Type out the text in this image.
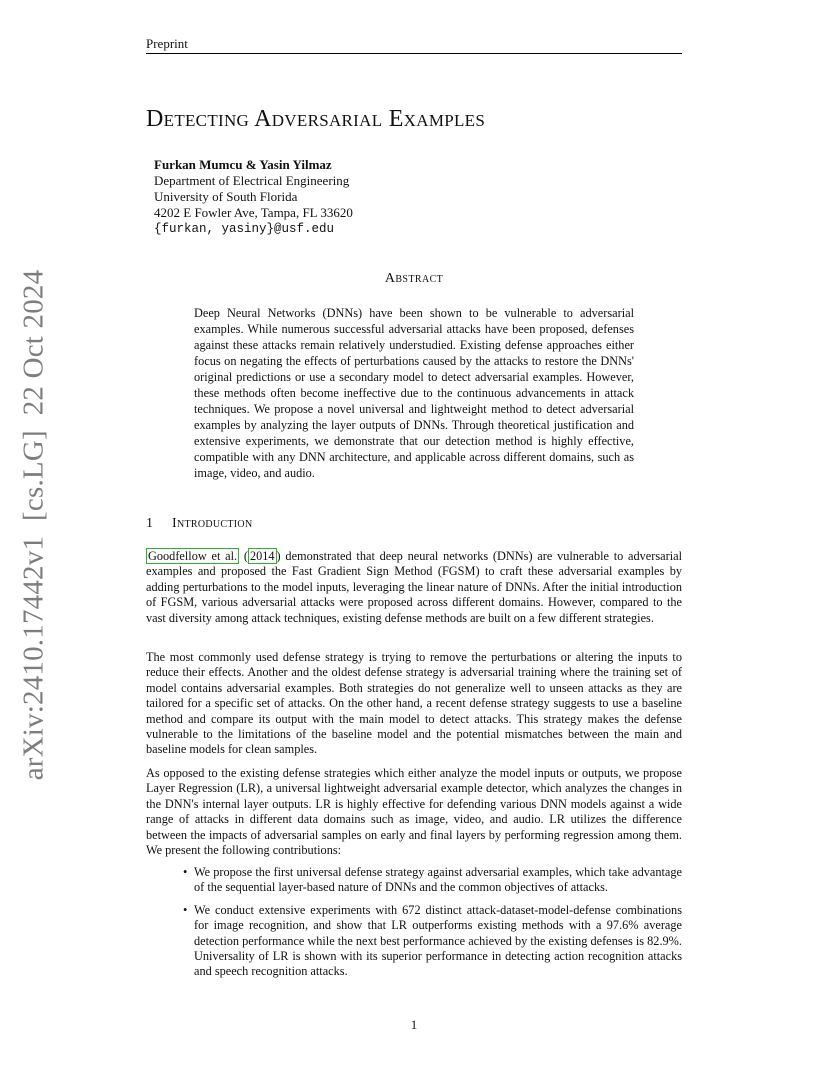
Preprint
arXiv:2410.17442v1  [cs.LG]  22 Oct 2024
Detecting Adversarial Examples
Furkan Mumcu & Yasin Yilmaz
Department of Electrical Engineering
University of South Florida
4202 E Fowler Ave, Tampa, FL 33620
{furkan, yasiny}@usf.edu
Abstract
Deep Neural Networks (DNNs) have been shown to be vulnerable to adversarial examples. While numerous successful adversarial attacks have been proposed, defenses against these attacks remain relatively understudied. Existing defense approaches either focus on negating the effects of perturbations caused by the attacks to restore the DNNs' original predictions or use a secondary model to detect adversarial examples. However, these methods often become ineffective due to the continuous advancements in attack techniques. We propose a novel universal and lightweight method to detect adversarial examples by analyzing the layer outputs of DNNs. Through theoretical justification and extensive experiments, we demonstrate that our detection method is highly effective, compatible with any DNN architecture, and applicable across different domains, such as image, video, and audio.
1 Introduction
Goodfellow et al. ( 2014 ) demonstrated that deep neural networks (DNNs) are vulnerable to adversarial examples and proposed the Fast Gradient Sign Method (FGSM) to craft these adversarial examples by adding perturbations to the model inputs, leveraging the linear nature of DNNs. After the initial introduction of FGSM, various adversarial attacks were proposed across different domains. However, compared to the vast diversity among attack techniques, existing defense methods are built on a few different strategies.
The most commonly used defense strategy is trying to remove the perturbations or altering the inputs to reduce their effects. Another and the oldest defense strategy is adversarial training where the training set of model contains adversarial examples. Both strategies do not generalize well to unseen attacks as they are tailored for a specific set of attacks. On the other hand, a recent defense strategy suggests to use a baseline method and compare its output with the main model to detect attacks. This strategy makes the defense vulnerable to the limitations of the baseline model and the potential mismatches between the main and baseline models for clean samples.
As opposed to the existing defense strategies which either analyze the model inputs or outputs, we propose Layer Regression (LR), a universal lightweight adversarial example detector, which analyzes the changes in the DNN's internal layer outputs. LR is highly effective for defending various DNN models against a wide range of attacks in different data domains such as image, video, and audio. LR utilizes the difference between the impacts of adversarial samples on early and final layers by performing regression among them. We present the following contributions:
• We propose the first universal defense strategy against adversarial examples, which take advantage of the sequential layer-based nature of DNNs and the common objectives of attacks.
• We conduct extensive experiments with 672 distinct attack-dataset-model-defense combinations for image recognition, and show that LR outperforms existing methods with a 97.6% average detection performance while the next best performance achieved by the existing defenses is 82.9%. Universality of LR is shown with its superior performance in detecting action recognition attacks and speech recognition attacks.
1
